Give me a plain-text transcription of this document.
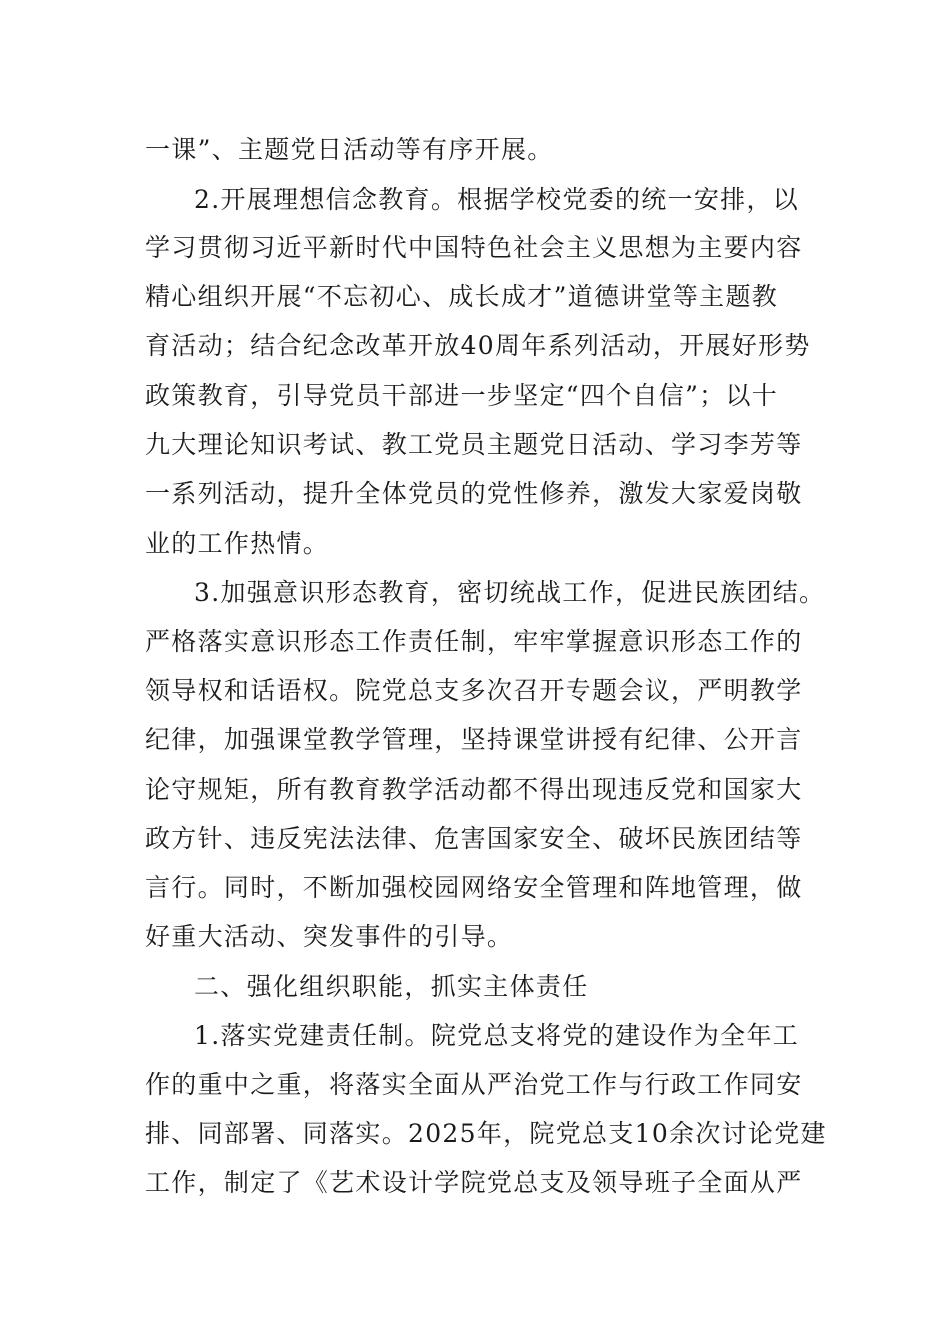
一课”、主题党日活动等有序开展。
2.开展理想信念教育。根据学校党委的统一安排，以
学习贯彻习近平新时代中国特色社会主义思想为主要内容
精心组织开展“不忘初心、成长成才”道德讲堂等主题教
育活动；结合纪念改革开放40周年系列活动，开展好形势
政策教育，引导党员干部进一步坚定“四个自信”；以十
九大理论知识考试、教工党员主题党日活动、学习李芳等
一系列活动，提升全体党员的党性修养，激发大家爱岗敬
业的工作热情。
3.加强意识形态教育，密切统战工作，促进民族团结。
严格落实意识形态工作责任制，牢牢掌握意识形态工作的
领导权和话语权。院党总支多次召开专题会议，严明教学
纪律，加强课堂教学管理，坚持课堂讲授有纪律、公开言
论守规矩，所有教育教学活动都不得出现违反党和国家大
政方针、违反宪法法律、危害国家安全、破坏民族团结等
言行。同时，不断加强校园网络安全管理和阵地管理，做
好重大活动、突发事件的引导。
二、强化组织职能，抓实主体责任
1.落实党建责任制。院党总支将党的建设作为全年工
作的重中之重，将落实全面从严治党工作与行政工作同安
排、同部署、同落实。2025年，院党总支10余次讨论党建
工作，制定了《艺术设计学院党总支及领导班子全面从严
